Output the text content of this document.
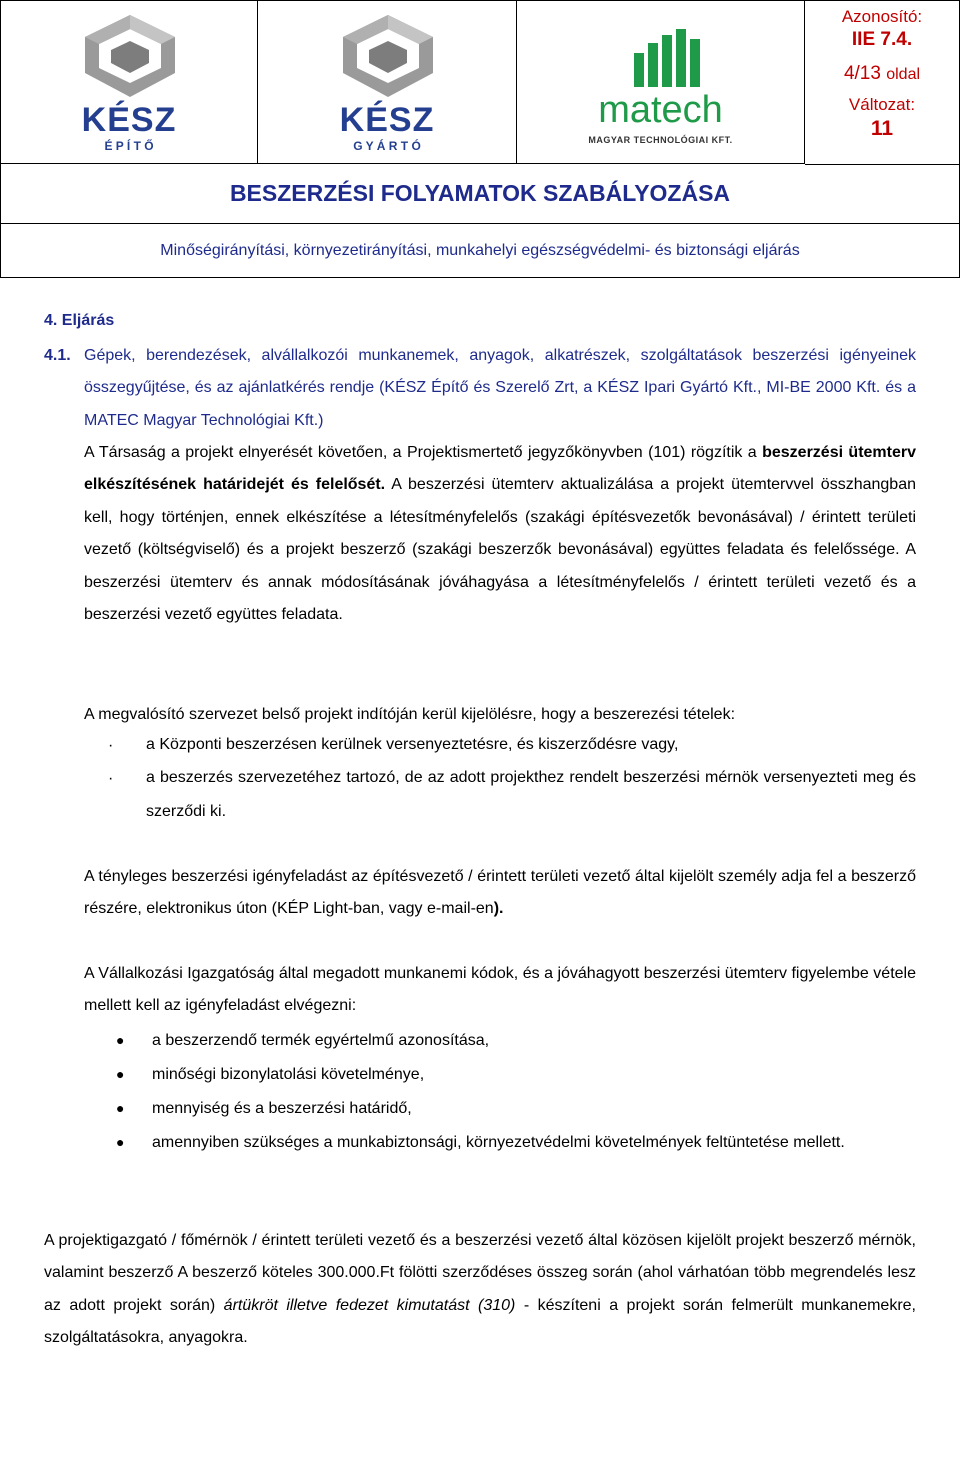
KÉSZ
É P Í T Ő
KÉSZ
G Y Á R T Ó
matech
MAGYAR TECHNOLÓGIAI KFT.
Azonosító:
IIE 7.4.
4/13 oldal
Változat:
11
BESZERZÉSI FOLYAMATOK SZABÁLYOZÁSA
Minőségirányítási, környezetirányítási, munkahelyi egészségvédelmi- és biztonsági eljárás
4. Eljárás

4.1. Gépek, berendezések, alvállalkozói munkanemek, anyagok, alkatrészek, szolgáltatások beszerzési igényeinek összegyűjtése, és az ajánlatkérés rendje (KÉSZ Építő és Szerelő Zrt, a KÉSZ Ipari Gyártó Kft., MI-BE 2000 Kft. és a MATEC Magyar Technológiai Kft.)

A Társaság a projekt elnyerését követően, a Projektismertető jegyzőkönyvben (101) rögzítik a beszerzési ütemterv elkészítésének határidejét és felelősét. A beszerzési ütemterv aktualizálása a projekt ütemtervvel összhangban kell, hogy történjen, ennek elkészítése a létesítményfelelős (szakági építésvezetők bevonásával) / érintett területi vezető (költségviselő) és a projekt beszerző (szakági beszerzők bevonásával) együttes feladata és felelőssége. A beszerzési ütemterv és annak módosításának jóváhagyása a létesítményfelelős / érintett területi vezető és a beszerzési vezető együttes feladata.

A megvalósító szervezet belső projekt indítóján kerül kijelölésre, hogy a beszerezési tételek:

· a Központi beszerzésen kerülnek versenyeztetésre, és kiszerződésre vagy,
· a beszerzés szervezetéhez tartozó, de az adott projekthez rendelt beszerzési mérnök versenyezteti meg és szerződi ki.

A tényleges beszerzési igényfeladást az építésvezető / érintett területi vezető által kijelölt személy adja fel a beszerző részére, elektronikus úton (KÉP Light-ban, vagy e-mail-en).

A Vállalkozási Igazgatóság által megadott munkanemi kódok, és a jóváhagyott beszerzési ütemterv figyelembe vétele mellett kell az igényfeladást elvégezni:

● a beszerzendő termék egyértelmű azonosítása,
● minőségi bizonylatolási követelménye,
● mennyiség és a beszerzési határidő,
● amennyiben szükséges a munkabiztonsági, környezetvédelmi követelmények feltüntetése mellett.

A projektigazgató / főmérnök / érintett területi vezető és a beszerzési vezető által közösen kijelölt projekt beszerző mérnök, valamint beszerző A beszerző köteles 300.000.Ft fölötti szerződéses összeg során (ahol várhatóan több megrendelés lesz az adott projekt során) ártükröt illetve fedezet kimutatást (310) - készíteni a projekt során felmerült munkanemekre, szolgáltatásokra, anyagokra.
